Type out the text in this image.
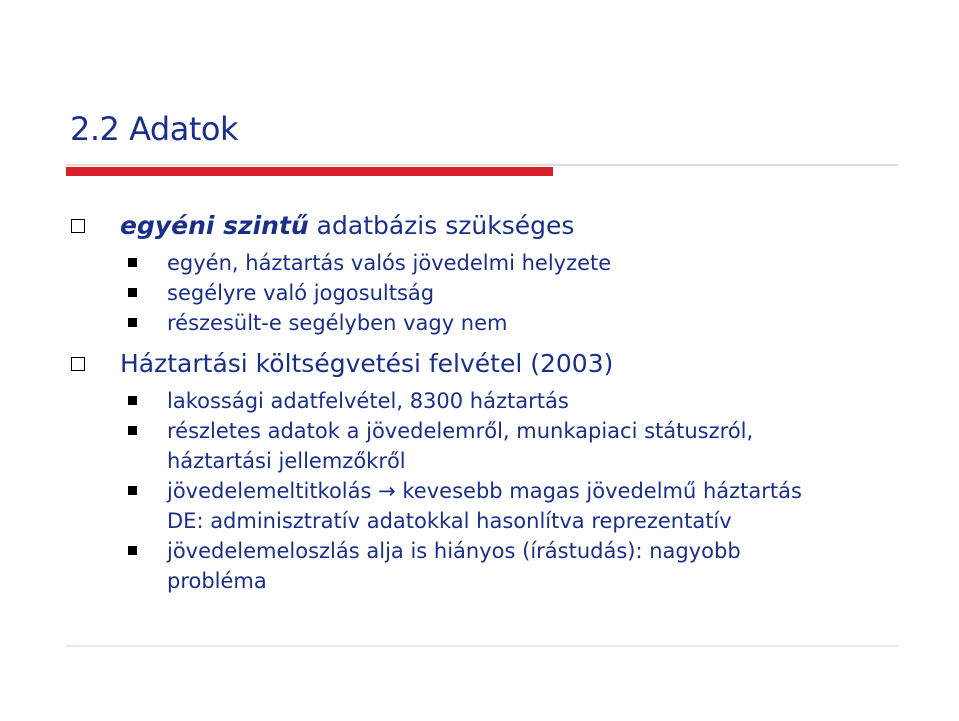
2.2 Adatok
egyéni szintű adatbázis szükséges
egyén, háztartás valós jövedelmi helyzete
segélyre való jogosultság
részesült-e segélyben vagy nem
Háztartási költségvetési felvétel (2003)
lakossági adatfelvétel, 8300 háztartás
részletes adatok a jövedelemről, munkapiaci státuszról,
háztartási jellemzőkről
jövedelemeltitkolás → kevesebb magas jövedelmű háztartás
DE: adminisztratív adatokkal hasonlítva reprezentatív
jövedelemeloszlás alja is hiányos (írástudás): nagyobb
probléma
